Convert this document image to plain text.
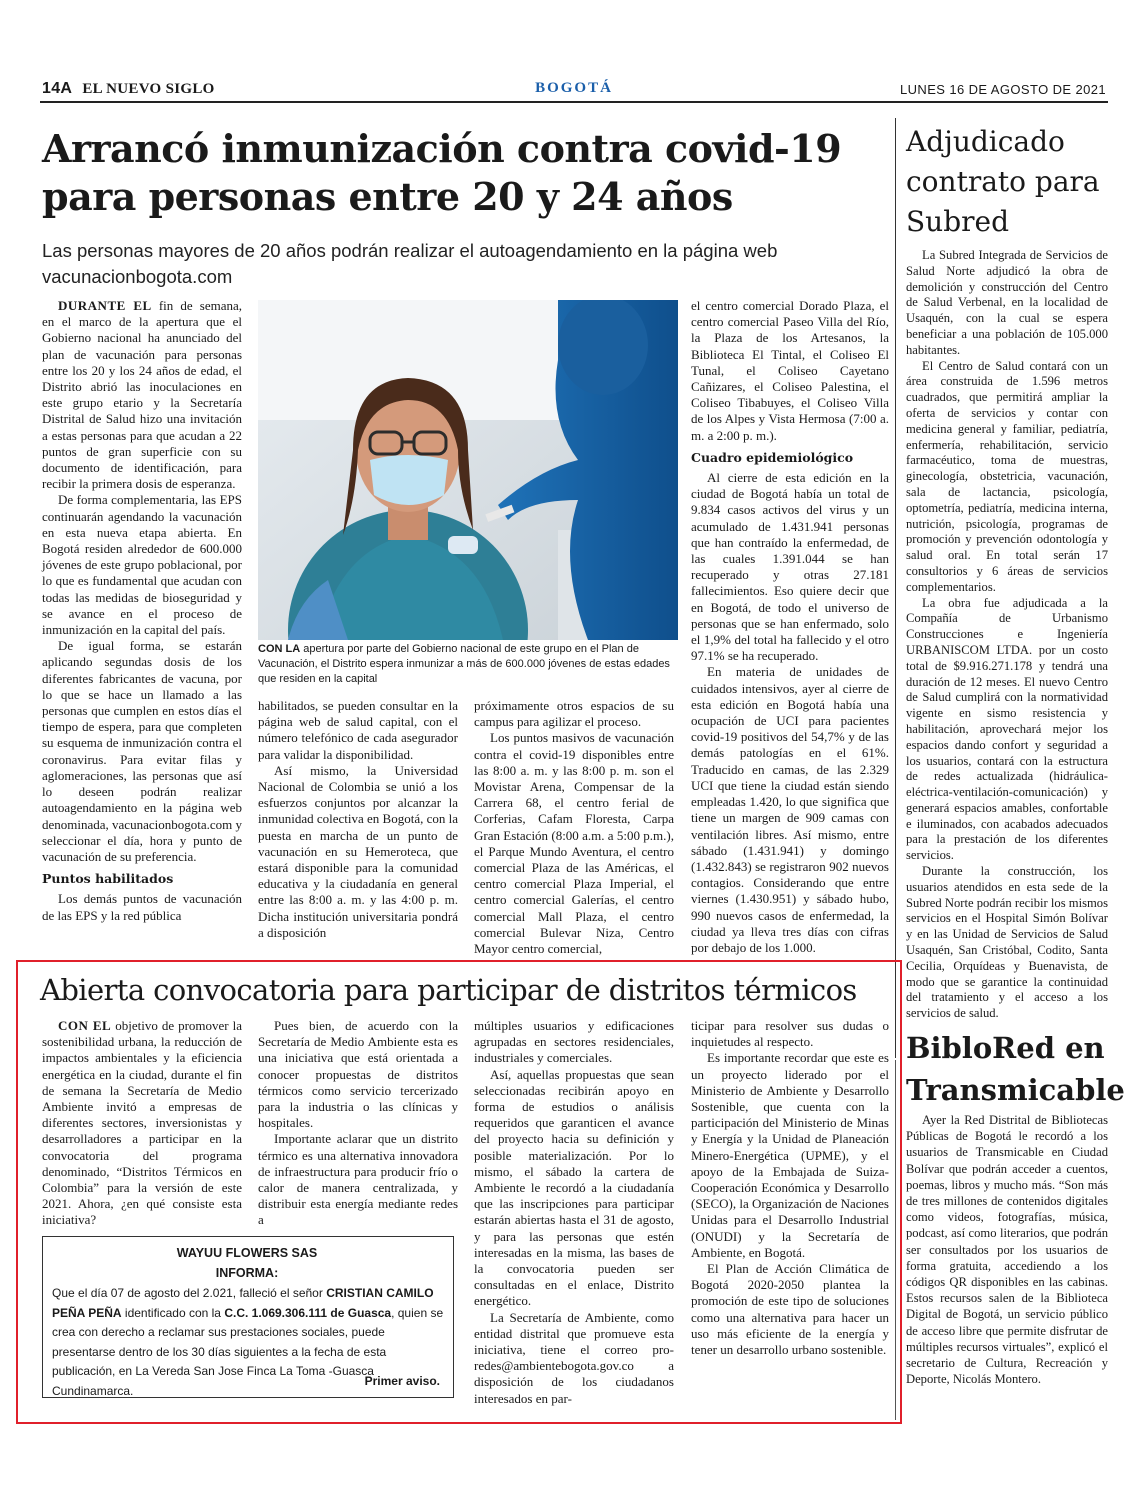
14A EL NUEVO SIGLO	BOGOTÁ	LUNES 16 DE AGOSTO DE 2021
Arrancó inmunización contra covid-19 para personas entre 20 y 24 años
Las personas mayores de 20 años podrán realizar el autoagendamiento en la página web vacunacionbogota.com

DURANTE EL fin de semana, en el marco de la apertura que el Gobierno nacional ha anunciado del plan de vacunación para personas entre los 20 y los 24 años de edad, el Distrito abrió las inoculaciones en este grupo etario y la Secretaría Distrital de Salud hizo una invitación a estas personas para que acudan a 22 puntos de gran superficie con su documento de identificación, para recibir la primera dosis de esperanza.

De forma complementaria, las EPS continuarán agendando la vacunación en esta nueva etapa abierta. En Bogotá residen alrededor de 600.000 jóvenes de este grupo poblacional, por lo que es fundamental que acudan con todas las medidas de bioseguridad y se avance en el proceso de inmunización en la capital del país.

De igual forma, se estarán aplicando segundas dosis de los diferentes fabricantes de vacuna, por lo que se hace un llamado a las personas que cumplen en estos días el tiempo de espera, para que completen su esquema de inmunización contra el coronavirus. Para evitar filas y aglomeraciones, las personas que así lo deseen podrán realizar autoagendamiento en la página web denominada, vacunacionbogota.com y seleccionar el día, hora y punto de vacunación de su preferencia.

Puntos habilitados

Los demás puntos de vacunación de las EPS y la red pública

CON LA apertura por parte del Gobierno nacional de este grupo en el Plan de Vacunación, el Distrito espera inmunizar a más de 600.000 jóvenes de estas edades que residen en la capital

habilitados, se pueden consultar en la página web de salud capital, con el número telefónico de cada asegurador para validar la disponibilidad.

Así mismo, la Universidad Nacional de Colombia se unió a los esfuerzos conjuntos por alcanzar la inmunidad colectiva en Bogotá, con la puesta en marcha de un punto de vacunación en su Hemeroteca, que estará disponible para la comunidad educativa y la ciudadanía en general entre las 8:00 a. m. y las 4:00 p. m. Dicha institución universitaria pondrá a disposición

próximamente otros espacios de su campus para agilizar el proceso.

Los puntos masivos de vacunación contra el covid-19 disponibles entre las 8:00 a. m. y las 8:00 p. m. son el Movistar Arena, Compensar de la Carrera 68, el centro ferial de Corferias, Cafam Floresta, Carpa Gran Estación (8:00 a.m. a 5:00 p.m.), el Parque Mundo Aventura, el centro comercial Plaza de las Américas, el centro comercial Plaza Imperial, el centro comercial Galerías, el centro comercial Mall Plaza, el centro comercial Bulevar Niza, Centro Mayor centro comercial,

el centro comercial Dorado Plaza, el centro comercial Paseo Villa del Río, la Plaza de los Artesanos, la Biblioteca El Tintal, el Coliseo El Tunal, el Coliseo Cayetano Cañizares, el Coliseo Palestina, el Coliseo Tibabuyes, el Coliseo Villa de los Alpes y Vista Hermosa (7:00 a. m. a 2:00 p. m.).

Cuadro epidemiológico

Al cierre de esta edición en la ciudad de Bogotá había un total de 9.834 casos activos del virus y un acumulado de 1.431.941 personas que han contraído la enfermedad, de las cuales 1.391.044 se han recuperado y otras 27.181 fallecimientos. Eso quiere decir que en Bogotá, de todo el universo de personas que se han enfermado, solo el 1,9% del total ha fallecido y el otro 97.1% se ha recuperado.

En materia de unidades de cuidados intensivos, ayer al cierre de esta edición en Bogotá había una ocupación de UCI para pacientes covid-19 positivos del 54,7% y de las demás patologías en el 61%. Traducido en camas, de las 2.329 UCI que tiene la ciudad están siendo empleadas 1.420, lo que significa que tiene un margen de 909 camas con ventilación libres. Así mismo, entre sábado (1.431.941) y domingo (1.432.843) se registraron 902 nuevos contagios. Considerando que entre viernes (1.430.951) y sábado hubo, 990 nuevos casos de enfermedad, la ciudad ya lleva tres días con cifras por debajo de los 1.000.

Adjudicado contrato para Subred

La Subred Integrada de Servicios de Salud Norte adjudicó la obra de demolición y construcción del Centro de Salud Verbenal, en la localidad de Usaquén, con la cual se espera beneficiar a una población de 105.000 habitantes.

El Centro de Salud contará con un área construida de 1.596 metros cuadrados, que permitirá ampliar la oferta de servicios y contar con medicina general y familiar, pediatría, enfermería, rehabilitación, servicio farmacéutico, toma de muestras, ginecología, obstetricia, vacunación, sala de lactancia, psicología, optometría, pediatría, medicina interna, nutrición, psicología, programas de promoción y prevención odontología y salud oral. En total serán 17 consultorios y 6 áreas de servicios complementarios.

La obra fue adjudicada a la Compañía de Urbanismo Construcciones e Ingeniería URBANISCOM LTDA. por un costo total de $9.916.271.178 y tendrá una duración de 12 meses. El nuevo Centro de Salud cumplirá con la normatividad vigente en sismo resistencia y habilitación, aprovechará mejor los espacios dando confort y seguridad a los usuarios, contará con la estructura de redes actualizada (hidráulica-eléctrica-ventilación-comunicación) y generará espacios amables, confortable e iluminados, con acabados adecuados para la prestación de los diferentes servicios.

Durante la construcción, los usuarios atendidos en esta sede de la Subred Norte podrán recibir los mismos servicios en el Hospital Simón Bolívar y en las Unidad de Servicios de Salud Usaquén, San Cristóbal, Codito, Santa Cecilia, Orquídeas y Buenavista, de modo que se garantice la continuidad del tratamiento y el acceso a los servicios de salud.

BibloRed en Transmicable

Ayer la Red Distrital de Bibliotecas Públicas de Bogotá le recordó a los usuarios de Transmicable en Ciudad Bolívar que podrán acceder a cuentos, poemas, libros y mucho más. “Son más de tres millones de contenidos digitales como videos, fotografías, música, podcast, así como literarios, que podrán ser consultados por los usuarios de forma gratuita, accediendo a los códigos QR disponibles en las cabinas. Estos recursos salen de la Biblioteca Digital de Bogotá, un servicio público de acceso libre que permite disfrutar de múltiples recursos virtuales”, explicó el secretario de Cultura, Recreación y Deporte, Nicolás Montero.

Abierta convocatoria para participar de distritos térmicos

CON EL objetivo de promover la sostenibilidad urbana, la reducción de impactos ambientales y la eficiencia energética en la ciudad, durante el fin de semana la Secretaría de Medio Ambiente invitó a empresas de diferentes sectores, inversionistas y desarrolladores a participar en la convocatoria del programa denominado, “Distritos Térmicos en Colombia” para la versión de este 2021. Ahora, ¿en qué consiste esta iniciativa?

Pues bien, de acuerdo con la Secretaría de Medio Ambiente esta es una iniciativa que está orientada a conocer propuestas de distritos térmicos como servicio tercerizado para la industria o las clínicas y hospitales.

Importante aclarar que un distrito térmico es una alternativa innovadora de infraestructura para producir frío o calor de manera centralizada, y distribuir esta energía mediante redes a

múltiples usuarios y edificaciones agrupadas en sectores residenciales, industriales y comerciales.

Así, aquellas propuestas que sean seleccionadas recibirán apoyo en forma de estudios o análisis requeridos que garanticen el avance del proyecto hacia su definición y posible materialización. Por lo mismo, el sábado la cartera de Ambiente le recordó a la ciudadanía que las inscripciones para participar estarán abiertas hasta el 31 de agosto, y para las personas que estén interesadas en la misma, las bases de la convocatoria pueden ser consultadas en el enlace, Distrito energético.

La Secretaría de Ambiente, como entidad distrital que promueve esta iniciativa, tiene el correo pro-redes@ambientebogota.gov.co a disposición de los ciudadanos interesados en par-

ticipar para resolver sus dudas o inquietudes al respecto.

Es importante recordar que este es un proyecto liderado por el Ministerio de Ambiente y Desarrollo Sostenible, que cuenta con la participación del Ministerio de Minas y Energía y la Unidad de Planeación Minero-Energética (UPME), y el apoyo de la Embajada de Suiza-Cooperación Económica y Desarrollo (SECO), la Organización de Naciones Unidas para el Desarrollo Industrial (ONUDI) y la Secretaría de Ambiente, en Bogotá.

El Plan de Acción Climática de Bogotá 2020-2050 plantea la promoción de este tipo de soluciones como una alternativa para hacer un uso más eficiente de la energía y tener un desarrollo urbano sostenible.

WAYUU FLOWERS SAS
INFORMA:
Que el día 07 de agosto del 2.021, falleció el señor CRISTIAN CAMILO PEÑA PEÑA identificado con la C.C. 1.069.306.111 de Guasca, quien se crea con derecho a reclamar sus prestaciones sociales, puede presentarse dentro de los 30 días siguientes a la fecha de esta publicación, en La Vereda San Jose Finca La Toma -Guasca Cundinamarca.
Primer aviso.
